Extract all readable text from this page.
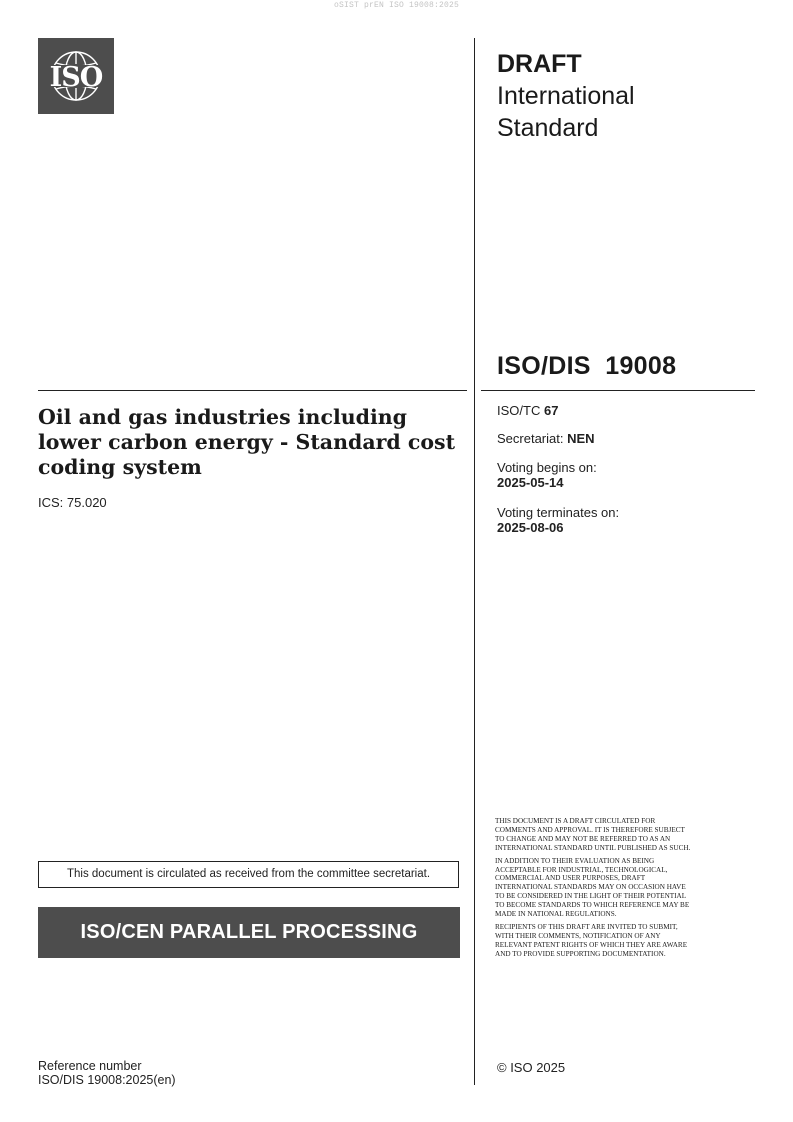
oSIST prEN ISO 19008:2025
ISO	DRAFT
International
Standard
ISO/DIS  19008
Oil and gas industries including lower carbon energy - Standard cost coding system
ICS: 75.020
ISO/TC 67
Secretariat: NEN
Voting begins on:
2025-05-14
Voting terminates on:
2025-08-06

THIS DOCUMENT IS A DRAFT CIRCULATED FOR COMMENTS AND APPROVAL. IT IS THEREFORE SUBJECT TO CHANGE AND MAY NOT BE REFERRED TO AS AN INTERNATIONAL STANDARD UNTIL PUBLISHED AS SUCH.

IN ADDITION TO THEIR EVALUATION AS BEING ACCEPTABLE FOR INDUSTRIAL, TECHNOLOGICAL, COMMERCIAL AND USER PURPOSES, DRAFT INTERNATIONAL STANDARDS MAY ON OCCASION HAVE TO BE CONSIDERED IN THE LIGHT OF THEIR POTENTIAL TO BECOME STANDARDS TO WHICH REFERENCE MAY BE MADE IN NATIONAL REGULATIONS.

RECIPIENTS OF THIS DRAFT ARE INVITED TO SUBMIT, WITH THEIR COMMENTS, NOTIFICATION OF ANY RELEVANT PATENT RIGHTS OF WHICH THEY ARE AWARE AND TO PROVIDE SUPPORTING DOCUMENTATION.

This document is circulated as received from the committee secretariat.
ISO/CEN PARALLEL PROCESSING
© ISO 2025
Reference number
ISO/DIS 19008:2025(en)
